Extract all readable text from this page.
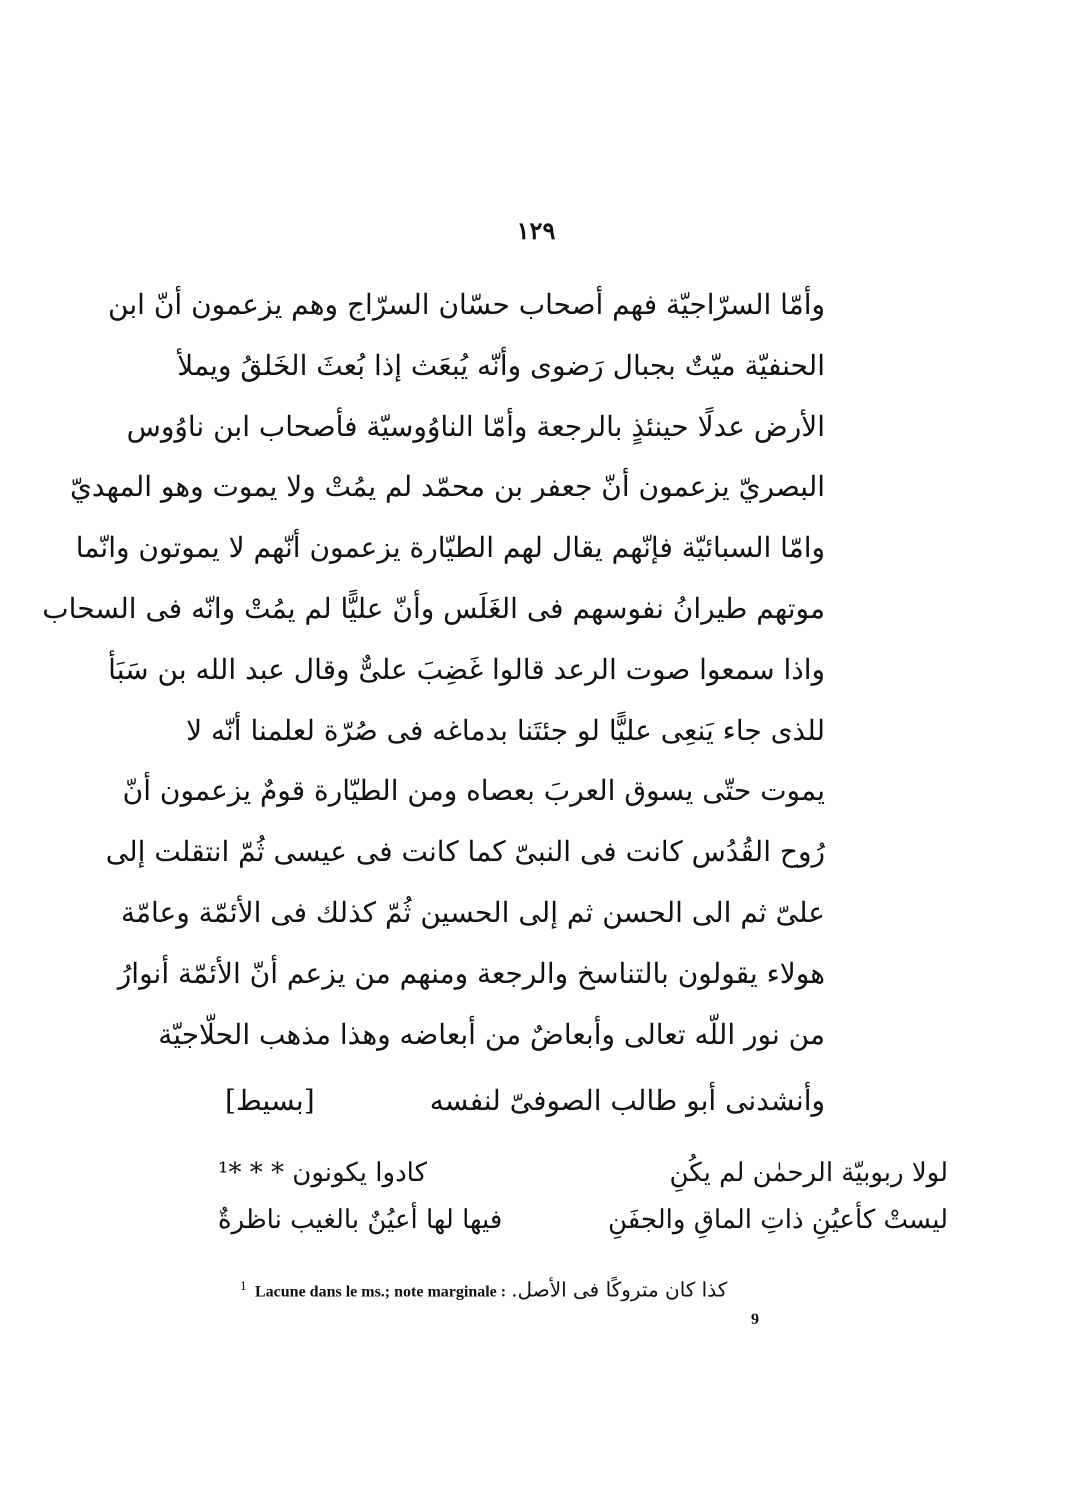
١٢٩
وأمّا السرّاجيّة فهم أصحاب حسّان السرّاج وهم يزعمون أنّ ابن
الحنفيّة ميّتٌ بجبال رَضوى وأنّه يُبعَث إذا بُعثَ الخَلقُ ويملأ
الأرض عدلًا حينئذٍ بالرجعة وأمّا الناوُوسيّة فأصحاب ابن ناوُوس
البصريّ يزعمون أنّ جعفر بن محمّد لم يمُتْ ولا يموت وهو المهديّ
وامّا السبائيّة فإنّهم يقال لهم الطيّارة يزعمون أنّهم لا يموتون وانّما
موتهم طيرانُ نفوسهم فى الغَلَس وأنّ عليًّا لم يمُتْ وانّه فى السحاب
واذا سمعوا صوت الرعد قالوا غَضِبَ علىٌّ وقال عبد الله بن سَبَأ
للذى جاء يَنعِى عليًّا لو جئتَنا بدماغه فى صُرّة لعلمنا أنّه لا
يموت حتّى يسوق العربَ بعصاه ومن الطيّارة قومٌ يزعمون أنّ
رُوح القُدُس كانت فى النبىّ كما كانت فى عيسى ثُمّ انتقلت إلى
علىّ ثم الى الحسن ثم إلى الحسين ثُمّ كذلك فى الأئمّة وعامّة
هولاء يقولون بالتناسخ والرجعة ومنهم من يزعم أنّ الأئمّة أنوارُ
من نور اللّه تعالى وأبعاضٌ من أبعاضه وهذا مذهب الحلّاجيّة
وأنشدنى أبو طالب الصوفىّ لنفسه
[بسيط]
لولا ربوبيّة الرحمٰن لم يكُنِ
كادوا يكونون * * *¹
ليستْ كأعيُنِ ذاتِ الماقِ والجفَنِ
فيها لها أعيُنٌ بالغيب ناظرةٌ
$^1$ Lacune dans le ms.; note marginale : كذا كان متروكًا فى الأصل.
9
